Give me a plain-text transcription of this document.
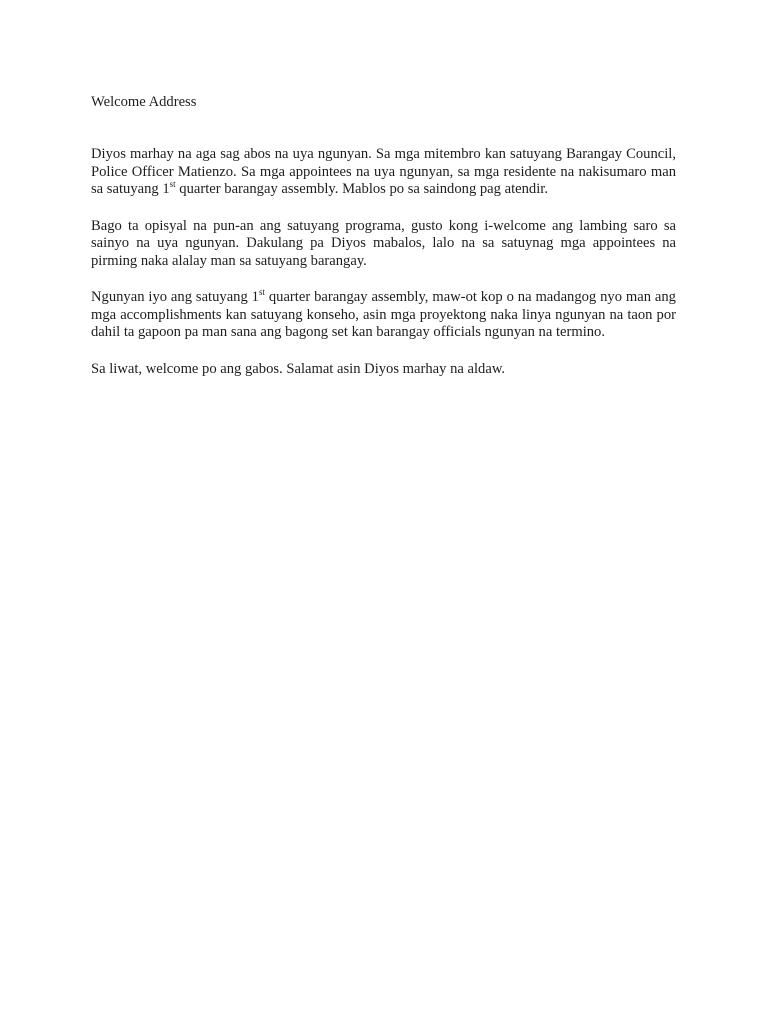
Welcome Address

Diyos marhay na aga sag abos na uya ngunyan. Sa mga mitembro kan satuyang Barangay Council, Police Officer Matienzo. Sa mga appointees na uya ngunyan, sa mga residente na nakisumaro man sa satuyang 1st quarter barangay assembly. Mablos po sa saindong pag atendir.

Bago ta opisyal na pun-an ang satuyang programa, gusto kong i-welcome ang lambing saro sa sainyo na uya ngunyan. Dakulang pa Diyos mabalos, lalo na sa satuynag mga appointees na pirming naka alalay man sa satuyang barangay.

Ngunyan iyo ang satuyang 1st quarter barangay assembly, maw-ot kop o na madangog nyo man ang mga accomplishments kan satuyang konseho, asin mga proyektong naka linya ngunyan na taon por dahil ta gapoon pa man sana ang bagong set kan barangay officials ngunyan na termino.

Sa liwat, welcome po ang gabos. Salamat asin Diyos marhay na aldaw.
